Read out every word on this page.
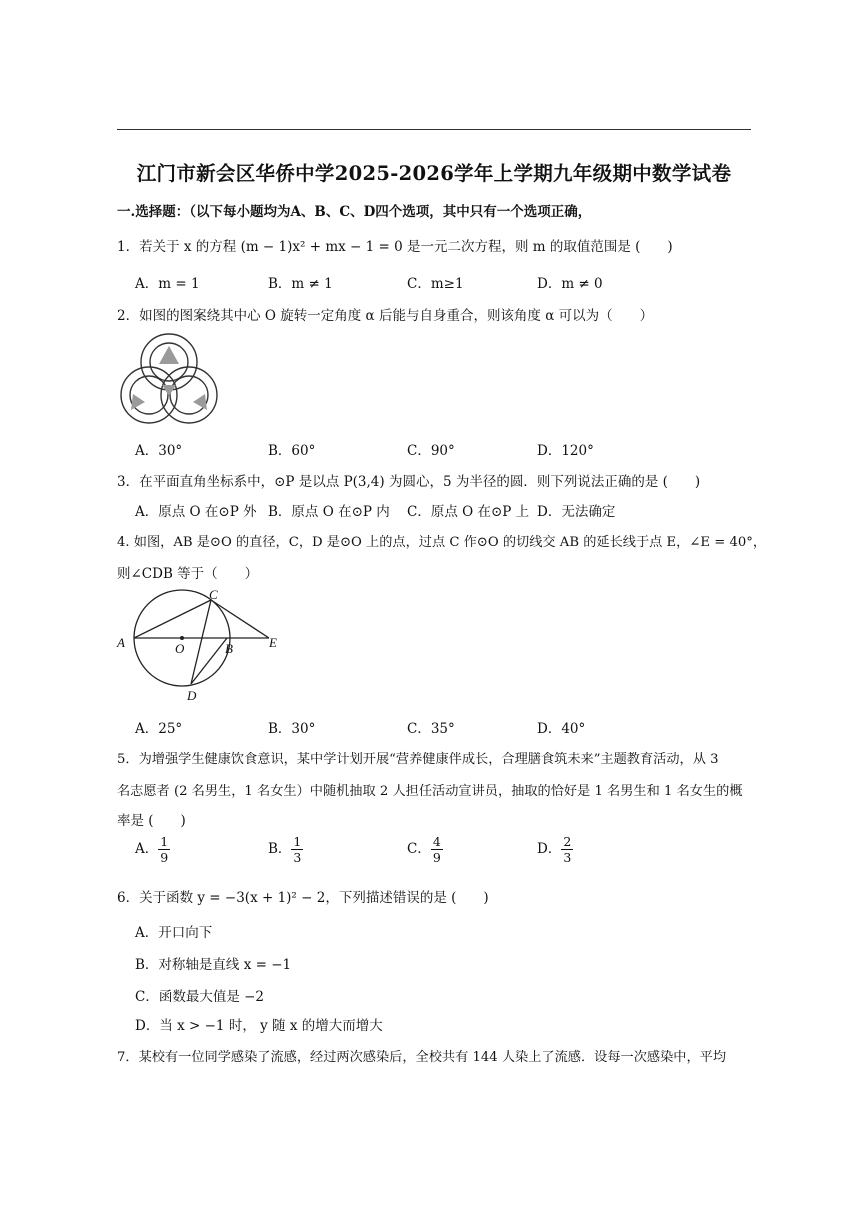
江门市新会区华侨中学2025-2026学年上学期九年级期中数学试卷
一.选择题：（以下每小题均为A、B、C、D四个选项，其中只有一个选项正确，
1．若关于 x 的方程 (m − 1)x² + mx − 1 = 0 是一元二次方程，则 m 的取值范围是 (　　)
A．m = 1	B．m ≠ 1	C．m≥1	D．m ≠ 0
2．如图的图案绕其中心 O 旋转一定角度 α 后能与自身重合，则该角度 α 可以为（　　）
A．30°	B．60°	C．90°	D．120°
3．在平面直角坐标系中，⊙P 是以点 P(3,4) 为圆心，5 为半径的圆．则下列说法正确的是 (　　)
A．原点 O 在⊙P 外 B．原点 O 在⊙P 内 C．原点 O 在⊙P 上 D．无法确定
4. 如图，AB 是⊙O 的直径，C，D 是⊙O 上的点，过点 C 作⊙O 的切线交 AB 的延长线于点 E，∠E = 40°，
则∠CDB 等于（　　）
A	O	B
C
D
E
A．25°	B．30°	C．35°	D．40°
5．为增强学生健康饮食意识，某中学计划开展“营养健康伴成长，合理膳食筑未来”主题教育活动，从 3
名志愿者 (2 名男生，1 名女生）中随机抽取 2 人担任活动宣讲员，抽取的恰好是 1 名男生和 1 名女生的概
率是 (　　)
A． $\frac{1}{9}$	B． $\frac{1}{3}$	C． $\frac{4}{9}$	D． $\frac{2}{3}$
6．关于函数 y = −3(x + 1)² − 2，下列描述错误的是 (　　)
A．开口向下
B．对称轴是直线 x = −1
C．函数最大值是 −2
D．当 x > −1 时， y 随 x 的增大而增大
7．某校有一位同学感染了流感，经过两次感染后，全校共有 144 人染上了流感．设每一次感染中，平均
